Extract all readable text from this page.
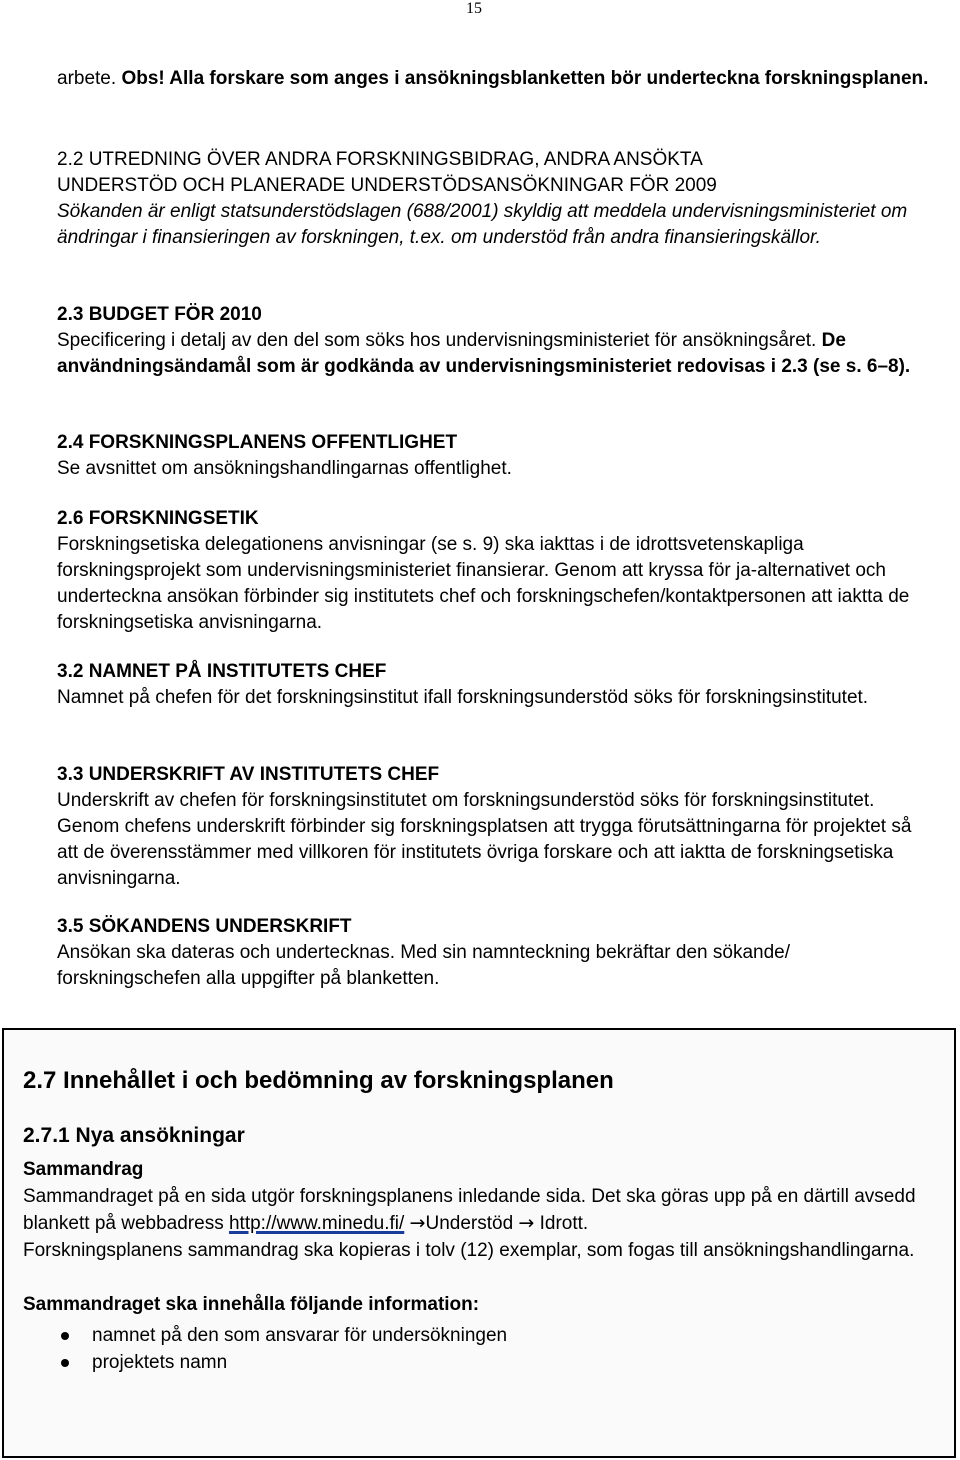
15

arbete. Obs! Alla forskare som anges i ansökningsblanketten bör underteckna forskningsplanen.

2.2 UTREDNING ÖVER ANDRA FORSKNINGSBIDRAG, ANDRA ANSÖKTA

UNDERSTÖD OCH PLANERADE UNDERSTÖDSANSÖKNINGAR FÖR 2009

Sökanden är enligt statsunderstödslagen (688/2001) skyldig att meddela undervisningsministeriet om ändringar i finansieringen av forskningen, t.ex. om understöd från andra finansieringskällor.

2.3 BUDGET FÖR 2010

Specificering i detalj av den del som söks hos undervisningsministeriet för ansökningsåret. De användningsändamål som är godkända av undervisningsministeriet redovisas i 2.3 (se s. 6–8).

2.4 FORSKNINGSPLANENS OFFENTLIGHET

Se avsnittet om ansökningshandlingarnas offentlighet.

2.6 FORSKNINGSETIK

Forskningsetiska delegationens anvisningar (se s. 9) ska iakttas i de idrottsvetenskapliga forskningsprojekt som undervisningsministeriet finansierar. Genom att kryssa för ja-alternativet och underteckna ansökan förbinder sig institutets chef och forskningschefen/kontaktpersonen att iaktta de forskningsetiska anvisningarna.

3.2 NAMNET PÅ INSTITUTETS CHEF

Namnet på chefen för det forskningsinstitut ifall forskningsunderstöd söks för forskningsinstitutet.

3.3 UNDERSKRIFT AV INSTITUTETS CHEF

Underskrift av chefen för forskningsinstitutet om forskningsunderstöd söks för forskningsinstitutet. Genom chefens underskrift förbinder sig forskningsplatsen att trygga förutsättningarna för projektet så att de överensstämmer med villkoren för institutets övriga forskare och att iaktta de forskningsetiska anvisningarna.

3.5 SÖKANDENS UNDERSKRIFT

Ansökan ska dateras och undertecknas. Med sin namnteckning bekräftar den sökande/ forskningschefen alla uppgifter på blanketten.

2.7 Innehållet i och bedömning av forskningsplanen

2.7.1 Nya ansökningar

Sammandrag

Sammandraget på en sida utgör forskningsplanens inledande sida. Det ska göras upp på en därtill avsedd blankett på webbadress http://www.minedu.fi/ →Understöd → Idrott.

Forskningsplanens sammandrag ska kopieras i tolv (12) exemplar, som fogas till ansökningshandlingarna.

Sammandraget ska innehålla följande information:

namnet på den som ansvarar för undersökningen
projektets namn
